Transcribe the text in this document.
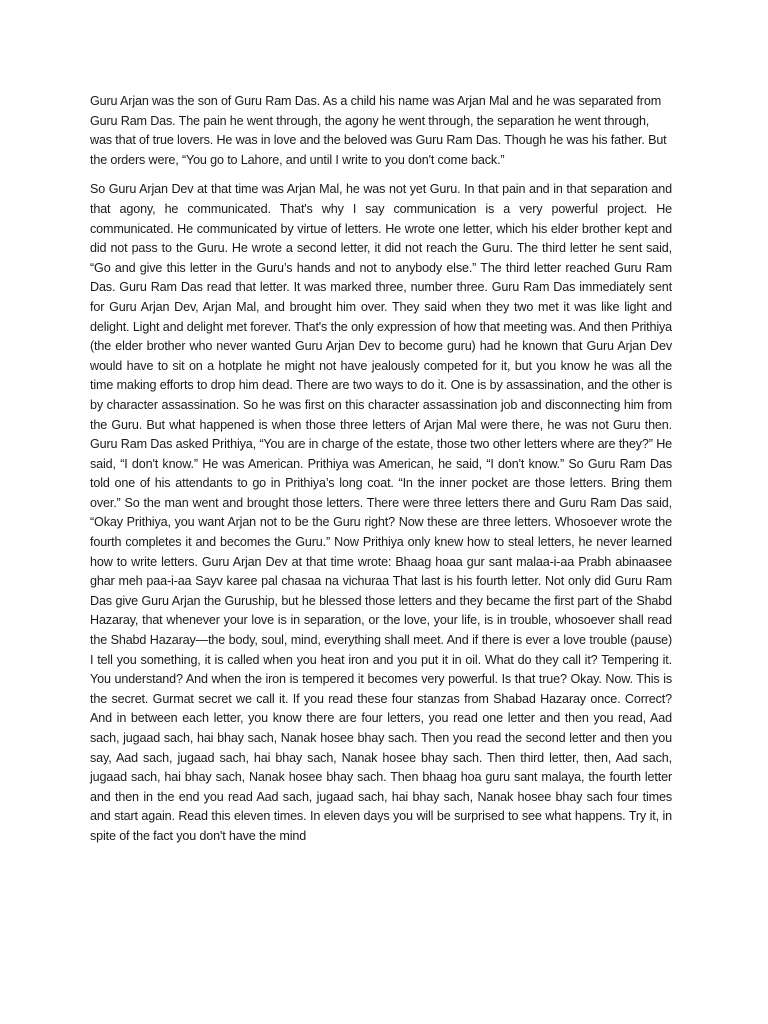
Guru Arjan was the son of Guru Ram Das. As a child his name was Arjan Mal and he was separated from Guru Ram Das. The pain he went through, the agony he went through, the separation he went through, was that of true lovers. He was in love and the beloved was Guru Ram Das. Though he was his father. But the orders were, “You go to Lahore, and until I write to you don't come back.”

So Guru Arjan Dev at that time was Arjan Mal, he was not yet Guru. In that pain and in that separation and that agony, he communicated. That's why I say communication is a very powerful project. He communicated. He communicated by virtue of letters. He wrote one letter, which his elder brother kept and did not pass to the Guru. He wrote a second letter, it did not reach the Guru. The third letter he sent said, “Go and give this letter in the Guru’s hands and not to anybody else.” The third letter reached Guru Ram Das. Guru Ram Das read that letter. It was marked three, number three. Guru Ram Das immediately sent for Guru Arjan Dev, Arjan Mal, and brought him over. They said when they two met it was like light and delight. Light and delight met forever. That's the only expression of how that meeting was. And then Prithiya (the elder brother who never wanted Guru Arjan Dev to become guru) had he known that Guru Arjan Dev would have to sit on a hotplate he might not have jealously competed for it, but you know he was all the time making efforts to drop him dead. There are two ways to do it. One is by assassination, and the other is by character assassination. So he was first on this character assassination job and disconnecting him from the Guru. But what happened is when those three letters of Arjan Mal were there, he was not Guru then. Guru Ram Das asked Prithiya, “You are in charge of the estate, those two other letters where are they?” He said, “I don't know.” He was American. Prithiya was American, he said, “I don't know.” So Guru Ram Das told one of his attendants to go in Prithiya’s long coat. “In the inner pocket are those letters. Bring them over.” So the man went and brought those letters. There were three letters there and Guru Ram Das said, “Okay Prithiya, you want Arjan not to be the Guru right? Now these are three letters. Whosoever wrote the fourth completes it and becomes the Guru.” Now Prithiya only knew how to steal letters, he never learned how to write letters. Guru Arjan Dev at that time wrote: Bhaag hoaa gur sant malaa-i-aa Prabh abinaasee ghar meh paa-i-aa Sayv karee pal chasaa na vichuraa That last is his fourth letter. Not only did Guru Ram Das give Guru Arjan the Guruship, but he blessed those letters and they became the first part of the Shabd Hazaray, that whenever your love is in separation, or the love, your life, is in trouble, whosoever shall read the Shabd Hazaray—the body, soul, mind, everything shall meet. And if there is ever a love trouble (pause) I tell you something, it is called when you heat iron and you put it in oil. What do they call it? Tempering it. You understand? And when the iron is tempered it becomes very powerful. Is that true? Okay. Now. This is the secret. Gurmat secret we call it. If you read these four stanzas from Shabad Hazaray once. Correct? And in between each letter, you know there are four letters, you read one letter and then you read, Aad sach, jugaad sach, hai bhay sach, Nanak hosee bhay sach. Then you read the second letter and then you say, Aad sach, jugaad sach, hai bhay sach, Nanak hosee bhay sach. Then third letter, then, Aad sach, jugaad sach, hai bhay sach, Nanak hosee bhay sach. Then bhaag hoa guru sant malaya, the fourth letter and then in the end you read Aad sach, jugaad sach, hai bhay sach, Nanak hosee bhay sach four times and start again. Read this eleven times. In eleven days you will be surprised to see what happens. Try it, in spite of the fact you don't have the mind
